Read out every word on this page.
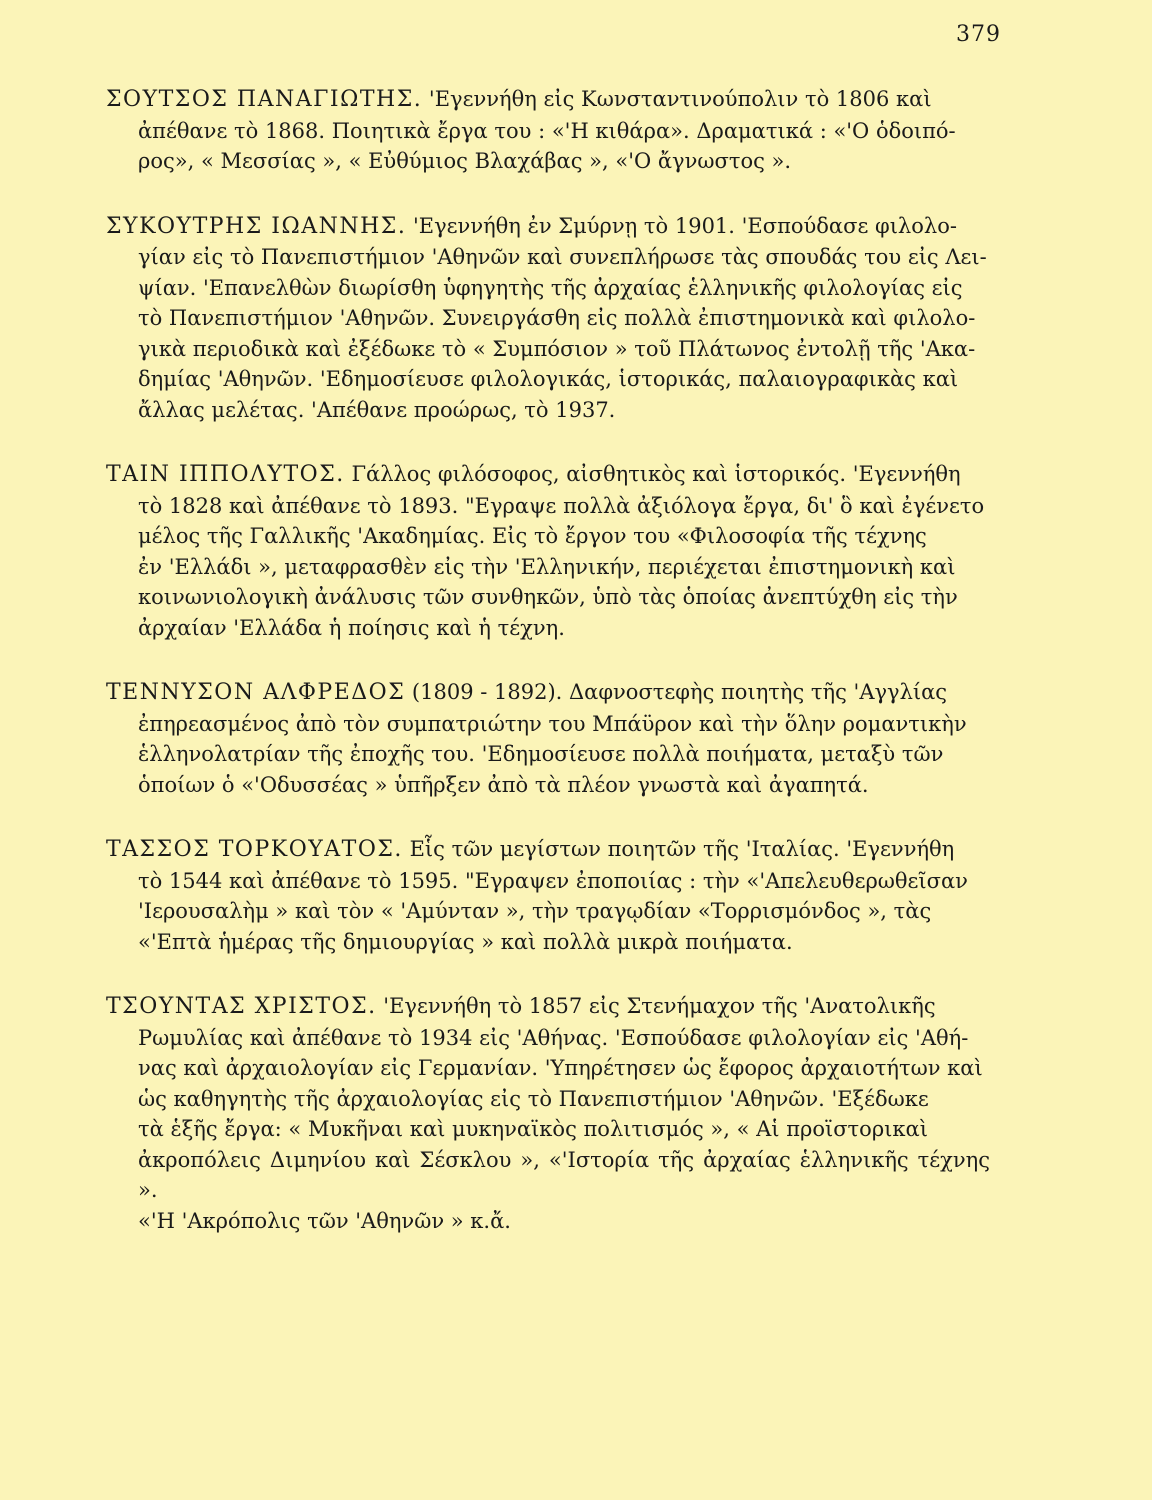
379

ΣΟΥΤΣΟΣ ΠΑΝΑΓΙΩΤΗΣ. 'Εγεννήθη εἰς Κωνσταντινούπολιν τὸ 1806 καὶ
ἀπέθανε τὸ 1868. Ποιητικὰ ἔργα του : «'Η κιθάρα». Δραματικά : «'Ο ὁδοιπό-
ρος», « Μεσσίας », « Εὐθύμιος Βλαχάβας », «'Ο ἄγνωστος ».

ΣΥΚΟΥΤΡΗΣ ΙΩΑΝΝΗΣ. 'Εγεννήθη ἐν Σμύρνῃ τὸ 1901. 'Εσπούδασε φιλολο-
γίαν εἰς τὸ Πανεπιστήμιον 'Αθηνῶν καὶ συνεπλήρωσε τὰς σπουδάς του εἰς Λει-
ψίαν. 'Επανελθὼν διωρίσθη ὑφηγητὴς τῆς ἀρχαίας ἑλληνικῆς φιλολογίας εἰς
τὸ Πανεπιστήμιον 'Αθηνῶν. Συνειργάσθη εἰς πολλὰ ἐπιστημονικὰ καὶ φιλολο-
γικὰ περιοδικὰ καὶ ἐξέδωκε τὸ « Συμπόσιον » τοῦ Πλάτωνος ἐντολῇ τῆς 'Ακα-
δημίας 'Αθηνῶν. 'Εδημοσίευσε φιλολογικάς, ἱστορικάς, παλαιογραφικὰς καὶ
ἄλλας μελέτας. 'Απέθανε προώρως, τὸ 1937.

ΤΑΙΝ ΙΠΠΟΛΥΤΟΣ. Γάλλος φιλόσοφος, αἰσθητικὸς καὶ ἱστορικός. 'Εγεννήθη
τὸ 1828 καὶ ἀπέθανε τὸ 1893. "Εγραψε πολλὰ ἀξιόλογα ἔργα, δι' ὃ καὶ ἐγένετο
μέλος τῆς Γαλλικῆς 'Ακαδημίας. Εἰς τὸ ἔργον του «Φιλοσοφία τῆς τέχνης
ἐν 'Ελλάδι », μεταφρασθὲν εἰς τὴν 'Ελληνικήν, περιέχεται ἐπιστημονικὴ καὶ
κοινωνιολογικὴ ἀνάλυσις τῶν συνθηκῶν, ὑπὸ τὰς ὁποίας ἀνεπτύχθη εἰς τὴν
ἀρχαίαν 'Ελλάδα ἡ ποίησις καὶ ἡ τέχνη.

ΤΕΝΝΥΣΟΝ ΑΛΦΡΕΔΟΣ (1809 - 1892). Δαφνοστεφὴς ποιητὴς τῆς 'Αγγλίας
ἐπηρεασμένος ἀπὸ τὸν συμπατριώτην του Μπάϋρον καὶ τὴν ὅλην ρομαντικὴν
ἑλληνολατρίαν τῆς ἐποχῆς του. 'Εδημοσίευσε πολλὰ ποιήματα, μεταξὺ τῶν
ὁποίων ὁ «'Οδυσσέας » ὑπῆρξεν ἀπὸ τὰ πλέον γνωστὰ καὶ ἀγαπητά.

ΤΑΣΣΟΣ ΤΟΡΚΟΥΑΤΟΣ. Εἷς τῶν μεγίστων ποιητῶν τῆς 'Ιταλίας. 'Εγεννήθη
τὸ 1544 καὶ ἀπέθανε τὸ 1595. "Εγραψεν ἐποποιίας : τὴν «'Απελευθερωθεῖσαν
'Ιερουσαλὴμ » καὶ τὸν « 'Αμύνταν », τὴν τραγῳδίαν «Τορρισμόνδος », τὰς
«'Επτὰ ἡμέρας τῆς δημιουργίας » καὶ πολλὰ μικρὰ ποιήματα.

ΤΣΟΥΝΤΑΣ ΧΡΙΣΤΟΣ. 'Εγεννήθη τὸ 1857 εἰς Στενήμαχον τῆς 'Ανατολικῆς
Ρωμυλίας καὶ ἀπέθανε τὸ 1934 εἰς 'Αθήνας. 'Εσπούδασε φιλολογίαν εἰς 'Αθή-
νας καὶ ἀρχαιολογίαν εἰς Γερμανίαν. 'Υπηρέτησεν ὡς ἔφορος ἀρχαιοτήτων καὶ
ὡς καθηγητὴς τῆς ἀρχαιολογίας εἰς τὸ Πανεπιστήμιον 'Αθηνῶν. 'Εξέδωκε
τὰ ἑξῆς ἔργα: « Μυκῆναι καὶ μυκηναϊκὸς πολιτισμός », « Αἱ προϊστορικαὶ
ἀκροπόλεις Διμηνίου καὶ Σέσκλου », «'Ιστορία τῆς ἀρχαίας ἑλληνικῆς τέχνης ».
«'Η 'Ακρόπολις τῶν 'Αθηνῶν » κ.ἄ.
